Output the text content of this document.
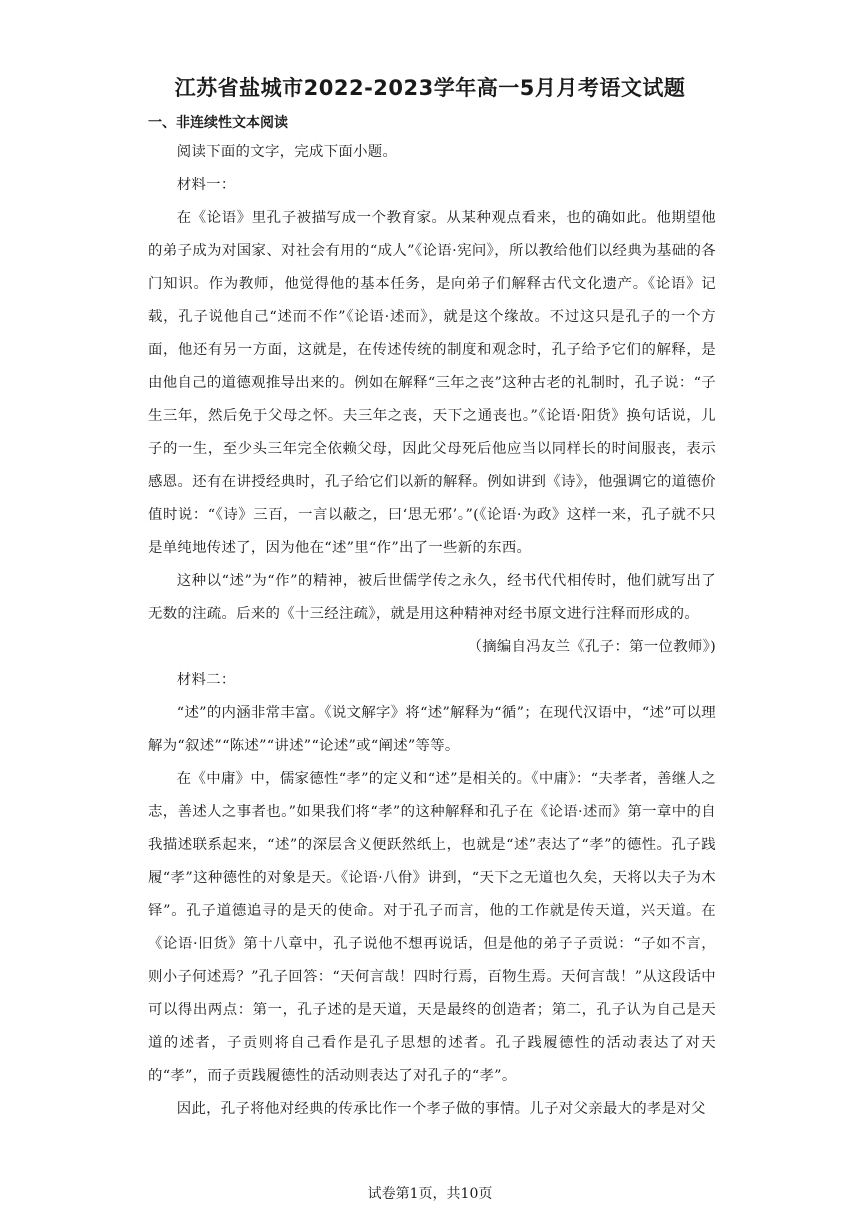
江苏省盐城市2022-2023学年高一5月月考语文试题
一、非连续性文本阅读

阅读下面的文字，完成下面小题。

材料一：

在《论语》里孔子被描写成一个教育家。从某种观点看来，也的确如此。他期望他的弟子成为对国家、对社会有用的“成人”《论语·宪问》，所以教给他们以经典为基础的各门知识。作为教师，他觉得他的基本任务，是向弟子们解释古代文化遗产。《论语》记载，孔子说他自己“述而不作”《论语·述而》，就是这个缘故。不过这只是孔子的一个方面，他还有另一方面，这就是，在传述传统的制度和观念时，孔子给予它们的解释，是由他自己的道德观推导出来的。例如在解释“三年之丧”这种古老的礼制时，孔子说：“子生三年，然后免于父母之怀。夫三年之丧，天下之通丧也。”《论语·阳货》换句话说，儿子的一生，至少头三年完全依赖父母，因此父母死后他应当以同样长的时间服丧，表示感恩。还有在讲授经典时，孔子给它们以新的解释。例如讲到《诗》，他强调它的道德价值时说：“《诗》三百，一言以蔽之，曰‘思无邪’。”(《论语·为政》这样一来，孔子就不只是单纯地传述了，因为他在“述”里“作”出了一些新的东西。

这种以“述”为“作”的精神，被后世儒学传之永久，经书代代相传时，他们就写出了无数的注疏。后来的《十三经注疏》，就是用这种精神对经书原文进行注释而形成的。

（摘编自冯友兰《孔子：第一位教师》)

材料二：

“述”的内涵非常丰富。《说文解字》将“述”解释为“循”；在现代汉语中，“述”可以理解为“叙述”“陈述”“讲述”“论述”或“阐述”等等。

在《中庸》中，儒家德性“孝”的定义和“述”是相关的。《中庸》：“夫孝者，善继人之志，善述人之事者也。”如果我们将“孝”的这种解释和孔子在《论语·述而》第一章中的自我描述联系起来，“述”的深层含义便跃然纸上，也就是“述”表达了“孝”的德性。孔子践履“孝”这种德性的对象是天。《论语·八佾》讲到，“天下之无道也久矣，天将以夫子为木铎”。孔子道德追寻的是天的使命。对于孔子而言，他的工作就是传天道，兴天道。在《论语·旧货》第十八章中，孔子说他不想再说话，但是他的弟子子贡说：“子如不言，则小子何述焉？”孔子回答：“天何言哉！四时行焉，百物生焉。天何言哉！”从这段话中可以得出两点：第一，孔子述的是天道，天是最终的创造者；第二，孔子认为自己是天道的述者，子贡则将自己看作是孔子思想的述者。孔子践履德性的活动表达了对天的“孝”，而子贡践履德性的活动则表达了对孔子的“孝”。

因此，孔子将他对经典的传承比作一个孝子做的事情。儿子对父亲最大的孝是对父

试卷第1页，共10页
